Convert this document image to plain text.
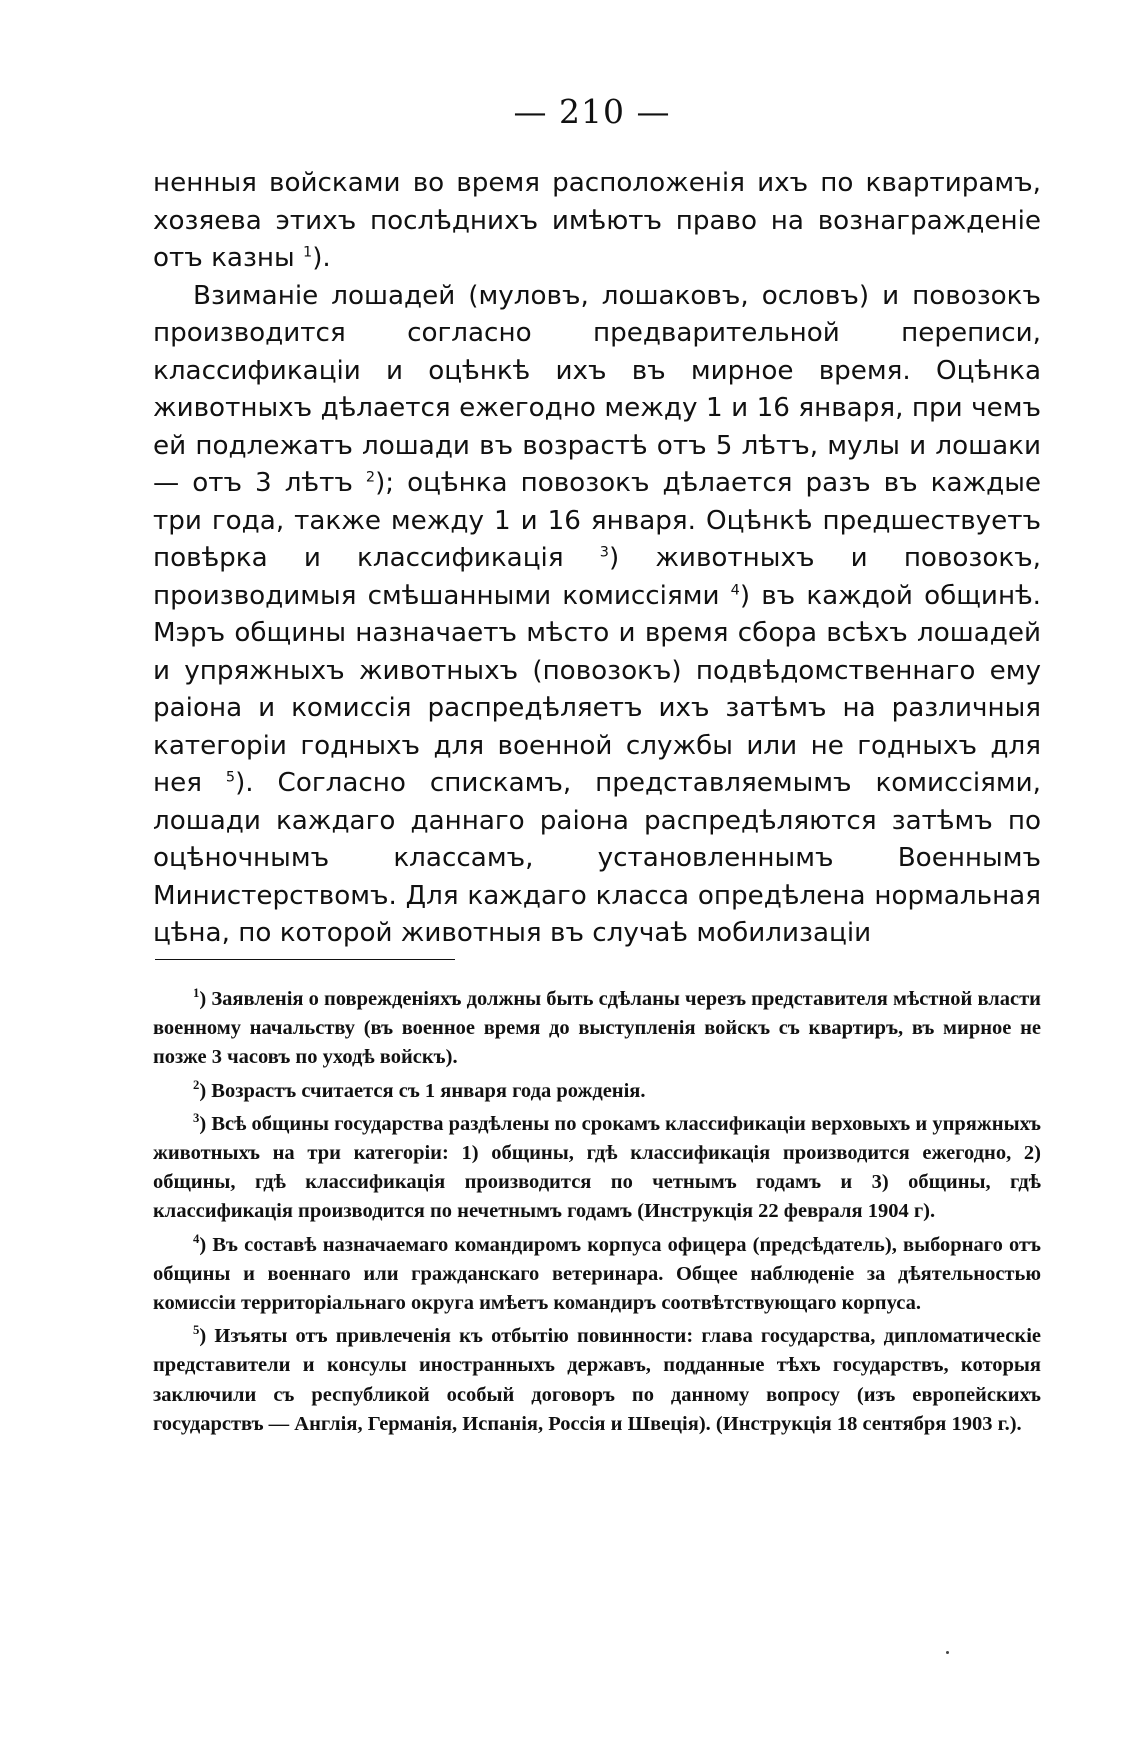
— 210 —

ненныя войсками во время расположенія ихъ по квартирамъ, хозяева этихъ послѣднихъ имѣютъ право на вознагражденіе отъ казны $^1$).

Взиманіе лошадей (муловъ, лошаковъ, ословъ) и повозокъ производится согласно предварительной переписи, классификаціи и оцѣнкѣ ихъ въ мирное время. Оцѣнка животныхъ дѣлается ежегодно между 1 и 16 января, при чемъ ей подлежатъ лошади въ возрастѣ отъ 5 лѣтъ, мулы и лошаки— отъ 3 лѣтъ $^2$); оцѣнка повозокъ дѣлается разъ въ каждые три года, также между 1 и 16 января. Оцѣнкѣ предшествуетъ повѣрка и классификація	$^3$) животныхъ и повозокъ, производимыя смѣшанными комиссіями $^4$) въ каждой общинѣ. Мэръ общины назначаетъ мѣсто и время сбора всѣхъ лошадей и упряжныхъ животныхъ (повозокъ) подвѣдомственнаго ему раіона и комиссія распредѣляетъ ихъ затѣмъ на различныя категоріи годныхъ для военной службы или не годныхъ для нея $^5$). Согласно спискамъ, представляемымъ комиссіями, лошади каждаго даннаго раіона распредѣляются затѣмъ по оцѣночнымъ классамъ, установленнымъ Военнымъ Министерствомъ. Для каждаго класса опредѣлена нормальная цѣна, по которой животныя въ случаѣ мобилизаціи

$^1$) Заявленія о поврежденіяхъ должны быть сдѣланы черезъ представителя мѣстной власти военному начальству (въ военное время до выступленія войскъ съ квартиръ, въ мирное не позже 3 часовъ по уходѣ войскъ).

$^2$) Возрастъ считается съ 1 января года рожденія.

$^3$) Всѣ общины государства раздѣлены по срокамъ классификаціи верховыхъ и упряжныхъ животныхъ на три категоріи: 1) общины, гдѣ классификація производится ежегодно, 2) общины, гдѣ классификація производится по четнымъ годамъ и 3) общины, гдѣ классификація производится по нечетнымъ годамъ (Инструкція 22 февраля 1904 г).

$^4$) Въ составѣ назначаемаго командиромъ корпуса офицера (предсѣдатель), выборнаго отъ общины и военнаго или гражданскаго ветеринара. Общее наблюденіе за дѣятельностью комиссіи территоріальнаго округа имѣетъ командиръ соотвѣтствующаго корпуса.

$^5$) Изъяты отъ привлеченія къ отбытію повинности: глава государства, дипломатическіе представители и консулы иностранныхъ державъ, подданные тѣхъ государствъ, которыя заключили съ республикой особый договоръ по данному вопросу (изъ европейскихъ государствъ — Англія, Германія, Испанія, Россія и Швеція). (Инструкція 18 сентября 1903 г.).
